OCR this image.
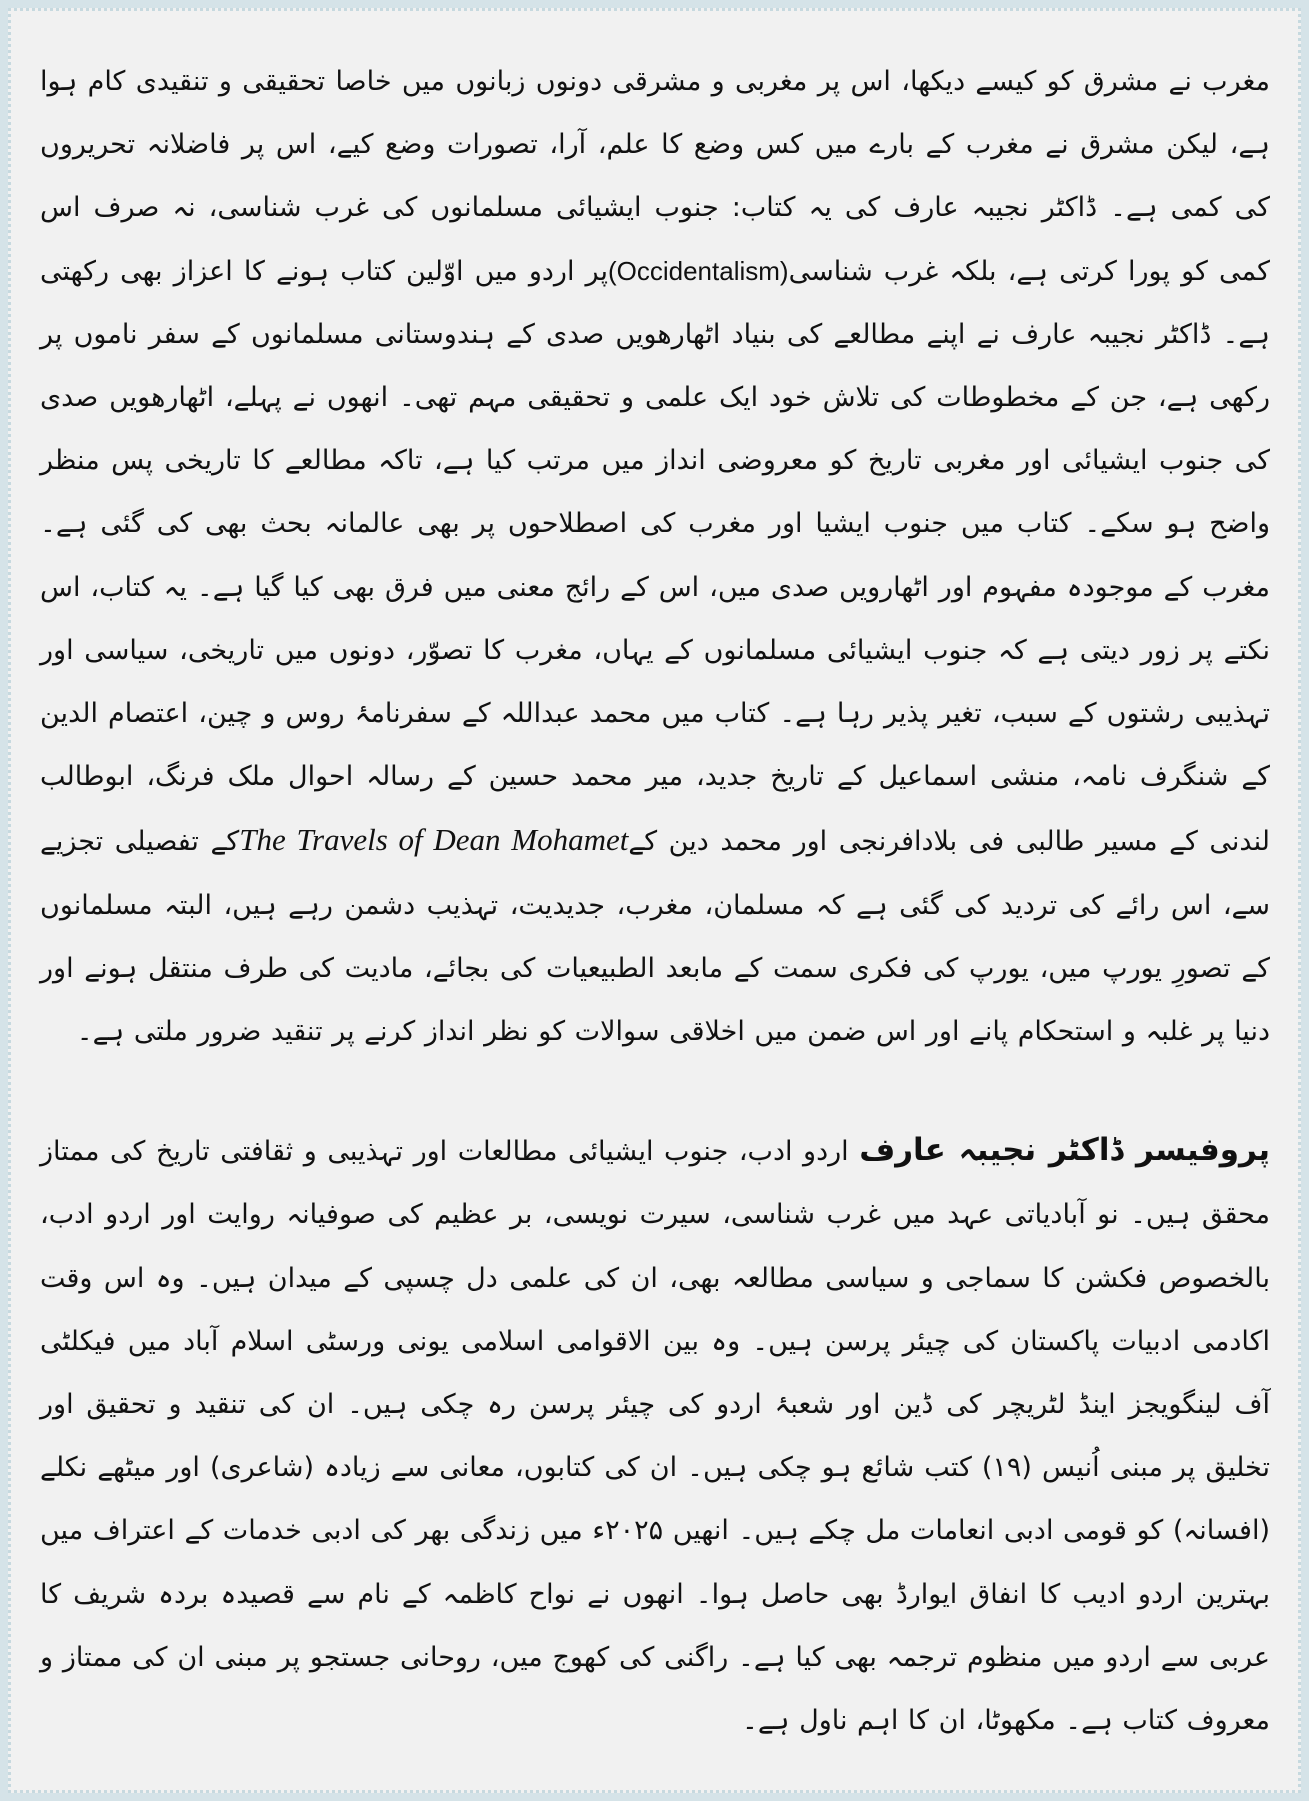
مغرب نے مشرق کو کیسے دیکھا، اس پر مغربی و مشرقی دونوں زبانوں میں خاصا تحقیقی و تنقیدی کام ہوا ہے، لیکن مشرق نے مغرب کے بارے میں کس وضع کا علم، آرا، تصورات وضع کیے، اس پر فاضلانہ تحریروں کی کمی ہے۔ ڈاکٹر نجیبہ عارف کی یہ کتاب: جنوب ایشیائی مسلمانوں کی غرب شناسی، نہ صرف اس کمی کو پورا کرتی ہے، بلکہ غرب شناسی(Occidentalism)پر اردو میں اوّلین کتاب ہونے کا اعزاز بھی رکھتی ہے۔ ڈاکٹر نجیبہ عارف نے اپنے مطالعے کی بنیاد اٹھارھویں صدی کے ہندوستانی مسلمانوں کے سفر ناموں پر رکھی ہے، جن کے مخطوطات کی تلاش خود ایک علمی و تحقیقی مہم تھی۔ انھوں نے پہلے، اٹھارھویں صدی کی جنوب ایشیائی اور مغربی تاریخ کو معروضی انداز میں مرتب کیا ہے، تاکہ مطالعے کا تاریخی پس منظر واضح ہو سکے۔ کتاب میں جنوب ایشیا اور مغرب کی اصطلاحوں پر بھی عالمانہ بحث بھی کی گئی ہے۔ مغرب کے موجودہ مفہوم اور اٹھارویں صدی میں، اس کے رائج معنی میں فرق بھی کیا گیا ہے۔ یہ کتاب، اس نکتے پر زور دیتی ہے کہ جنوب ایشیائی مسلمانوں کے یہاں، مغرب کا تصوّر، دونوں میں تاریخی، سیاسی اور تہذیبی رشتوں کے سبب، تغیر پذیر رہا ہے۔ کتاب میں محمد عبداللہ کے سفرنامۂ روس و چین، اعتصام الدین کے شنگرف نامہ، منشی اسماعیل کے تاریخ جدید، میر محمد حسین کے رسالہ احوال ملک فرنگ، ابوطالب لندنی کے مسیر طالبی فی بلادافرنجی اور محمد دین کےThe Travels of Dean Mohametکے تفصیلی تجزیے سے، اس رائے کی تردید کی گئی ہے کہ مسلمان، مغرب، جدیدیت، تہذیب دشمن رہے ہیں، البتہ مسلمانوں کے تصورِ یورپ میں، یورپ کی فکری سمت کے مابعد الطبیعیات کی بجائے، مادیت کی طرف منتقل ہونے اور دنیا پر غلبہ و استحکام پانے اور اس ضمن میں اخلاقی سوالات کو نظر انداز کرنے پر تنقید ضرور ملتی ہے۔

پروفیسر ڈاکٹر نجیبہ عارف اردو ادب، جنوب ایشیائی مطالعات اور تہذیبی و ثقافتی تاریخ کی ممتاز محقق ہیں۔ نو آبادیاتی عہد میں غرب شناسی، سیرت نویسی، بر عظیم کی صوفیانہ روایت اور اردو ادب، بالخصوص فکشن کا سماجی و سیاسی مطالعہ بھی، ان کی علمی دل چسپی کے میدان ہیں۔ وہ اس وقت اکادمی ادبیات پاکستان کی چیئر پرسن ہیں۔ وہ بین الاقوامی اسلامی یونی ورسٹی اسلام آباد میں فیکلٹی آف لینگویجز اینڈ لٹریچر کی ڈین اور شعبۂ اردو کی چیئر پرسن رہ چکی ہیں۔ ان کی تنقید و تحقیق اور تخلیق پر مبنی اُنیس (۱۹) کتب شائع ہو چکی ہیں۔ ان کی کتابوں، معانی سے زیادہ (شاعری) اور میٹھے نکلے (افسانہ) کو قومی ادبی انعامات مل چکے ہیں۔ انھیں ۲۰۲۵ء میں زندگی بھر کی ادبی خدمات کے اعتراف میں بہترین اردو ادیب کا انفاق ایوارڈ بھی حاصل ہوا۔ انھوں نے نواح کاظمہ کے نام سے قصیدہ بردہ شریف کا عربی سے اردو میں منظوم ترجمہ بھی کیا ہے۔ راگنی کی کھوج میں، روحانی جستجو پر مبنی ان کی ممتاز و معروف کتاب ہے۔ مکھوٹا، ان کا اہم ناول ہے۔
